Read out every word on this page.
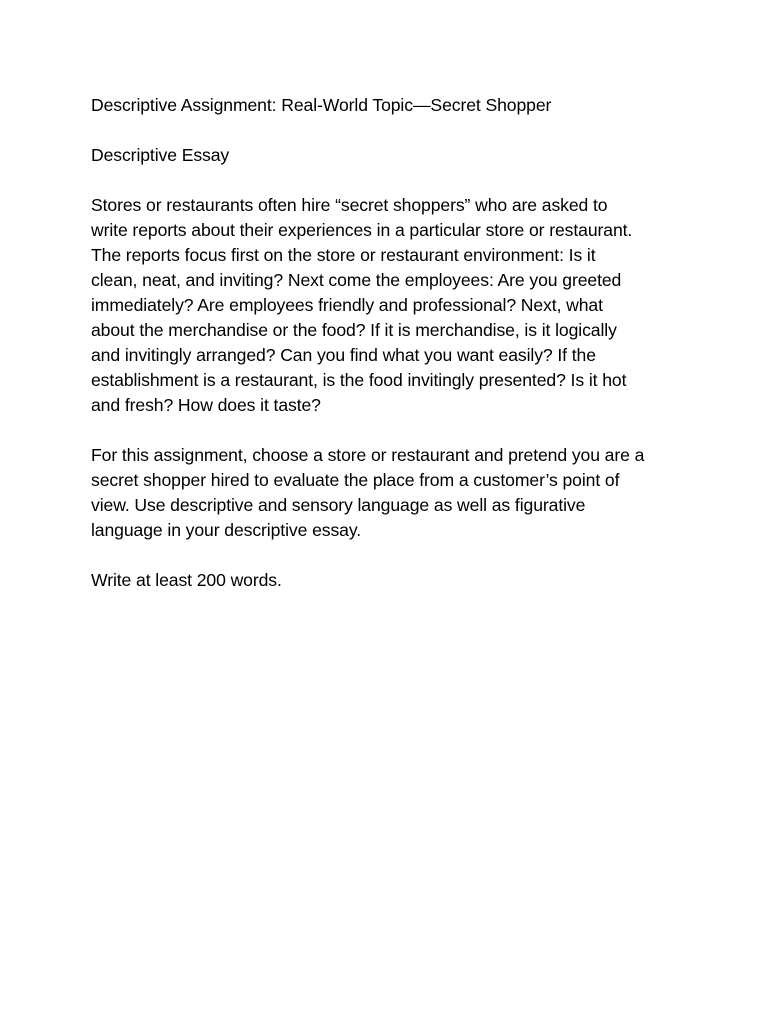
Descriptive Assignment: Real-World Topic—Secret Shopper

Descriptive Essay

Stores or restaurants often hire “secret shoppers” who are asked to
write reports about their experiences in a particular store or restaurant.
The reports focus first on the store or restaurant environment: Is it
clean, neat, and inviting? Next come the employees: Are you greeted
immediately? Are employees friendly and professional? Next, what
about the merchandise or the food? If it is merchandise, is it logically
and invitingly arranged? Can you find what you want easily? If the
establishment is a restaurant, is the food invitingly presented? Is it hot
and fresh? How does it taste?

For this assignment, choose a store or restaurant and pretend you are a
secret shopper hired to evaluate the place from a customer’s point of
view. Use descriptive and sensory language as well as figurative
language in your descriptive essay.

Write at least 200 words.
